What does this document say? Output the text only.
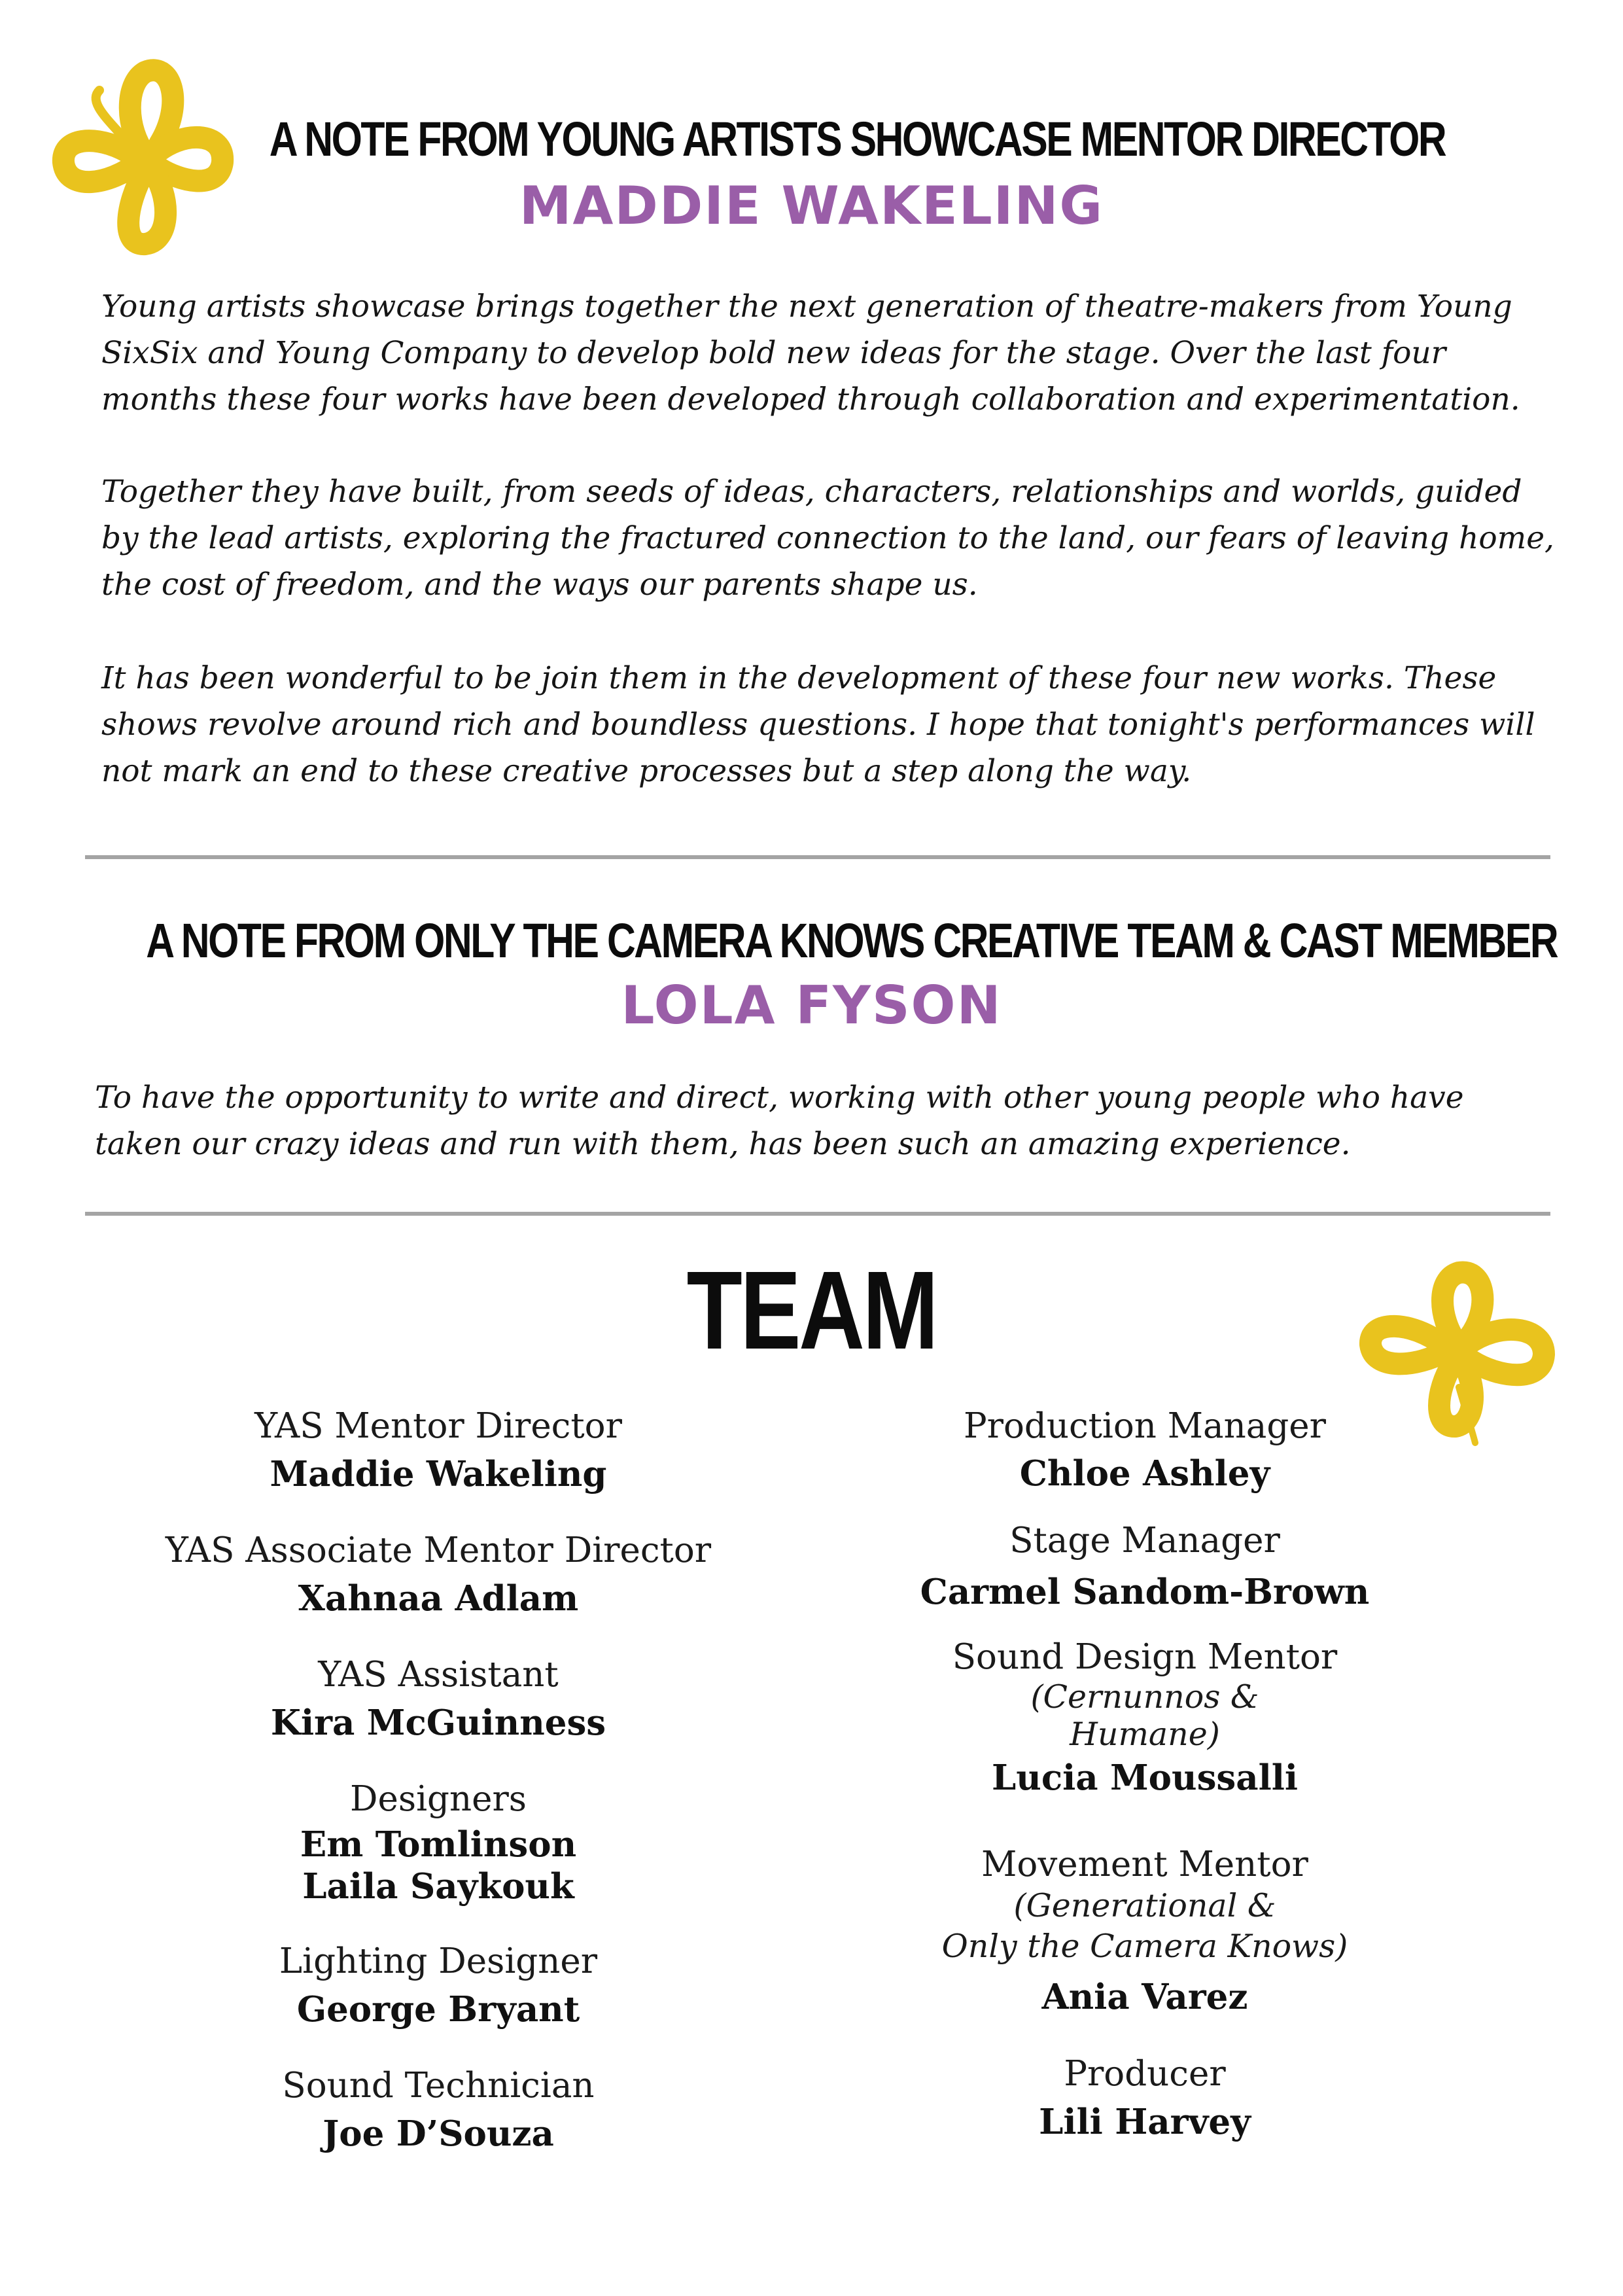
A NOTE FROM YOUNG ARTISTS SHOWCASE MENTOR DIRECTOR
MADDIE WAKELING

Young artists showcase brings together the next generation of theatre-makers from Young SixSix and Young Company to develop bold new ideas for the stage. Over the last four months these four works have been developed through collaboration and experimentation.

Together they have built, from seeds of ideas, characters, relationships and worlds, guided by the lead artists, exploring the fractured connection to the land, our fears of leaving home, the cost of freedom, and the ways our parents shape us.

It has been wonderful to be join them in the development of these four new works. These shows revolve around rich and boundless questions. I hope that tonight's performances will not mark an end to these creative processes but a step along the way.

A NOTE FROM ONLY THE CAMERA KNOWS CREATIVE TEAM & CAST MEMBER
LOLA FYSON

To have the opportunity to write and direct, working with other young people who have taken our crazy ideas and run with them, has been such an amazing experience.

TEAM

YAS Mentor Director

Maddie Wakeling

YAS Associate Mentor Director

Xahnaa Adlam

YAS Assistant

Kira McGuinness

Designers

Em Tomlinson

Laila Saykouk

Lighting Designer

George Bryant

Sound Technician

Joe D’Souza

Production Manager

Chloe Ashley

Stage Manager

Carmel Sandom-Brown

Sound Design Mentor

(Cernunnos &

Humane)

Lucia Moussalli

Movement Mentor

(Generational &

Only the Camera Knows)

Ania Varez

Producer

Lili Harvey
